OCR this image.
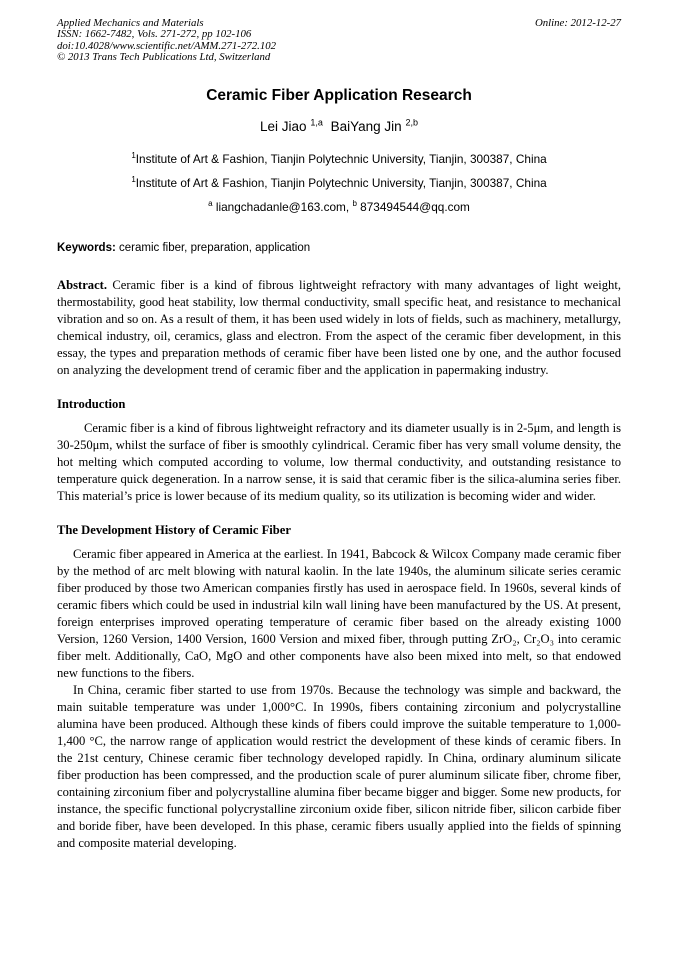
Applied Mechanics and Materials
ISSN: 1662-7482, Vols. 271-272, pp 102-106
doi:10.4028/www.scientific.net/AMM.271-272.102
© 2013 Trans Tech Publications Ltd, Switzerland
Online: 2012-12-27
Ceramic Fiber Application Research
Lei Jiao $^{1,a}$ BaiYang Jin $^{2,b}$
$^1$Institute of Art & Fashion, Tianjin Polytechnic University, Tianjin, 300387, China
$^1$Institute of Art & Fashion, Tianjin Polytechnic University, Tianjin, 300387, China
$^a$ liangchadanle@163.com, $^b$ 873494544@qq.com
Keywords: ceramic fiber, preparation, application

Abstract. Ceramic fiber is a kind of fibrous lightweight refractory with many advantages of light weight, thermostability, good heat stability, low thermal conductivity, small specific heat, and resistance to mechanical vibration and so on. As a result of them, it has been used widely in lots of fields, such as machinery, metallurgy, chemical industry, oil, ceramics, glass and electron. From the aspect of the ceramic fiber development, in this essay, the types and preparation methods of ceramic fiber have been listed one by one, and the author focused on analyzing the development trend of ceramic fiber and the application in papermaking industry.

Introduction

Ceramic fiber is a kind of fibrous lightweight refractory and its diameter usually is in 2-5μm, and length is 30-250μm, whilst the surface of fiber is smoothly cylindrical. Ceramic fiber has very small volume density, the hot melting which computed according to volume, low thermal conductivity, and outstanding resistance to temperature quick degeneration. In a narrow sense, it is said that ceramic fiber is the silica-alumina series fiber. This material’s price is lower because of its medium quality, so its utilization is becoming wider and wider.

The Development History of Ceramic Fiber

Ceramic fiber appeared in America at the earliest. In 1941, Babcock & Wilcox Company made ceramic fiber by the method of arc melt blowing with natural kaolin. In the late 1940s, the aluminum silicate series ceramic fiber produced by those two American companies firstly has used in aerospace field. In 1960s, several kinds of ceramic fibers which could be used in industrial kiln wall lining have been manufactured by the US. At present, foreign enterprises improved operating temperature of ceramic fiber based on the already existing 1000 Version, 1260 Version, 1400 Version, 1600 Version and mixed fiber, through putting ZrO₂, Cr₂O₃ into ceramic fiber melt. Additionally, CaO, MgO and other components have also been mixed into melt, so that endowed new functions to the fibers.

In China, ceramic fiber started to use from 1970s. Because the technology was simple and backward, the main suitable temperature was under 1,000°C. In 1990s, fibers containing zirconium and polycrystalline alumina have been produced. Although these kinds of fibers could improve the suitable temperature to 1,000-1,400 °C, the narrow range of application would restrict the development of these kinds of ceramic fibers. In the 21st century, Chinese ceramic fiber technology developed rapidly. In China, ordinary aluminum silicate fiber production has been compressed, and the production scale of purer aluminum silicate fiber, chrome fiber, containing zirconium fiber and polycrystalline alumina fiber became bigger and bigger. Some new products, for instance, the specific functional polycrystalline zirconium oxide fiber, silicon nitride fiber, silicon carbide fiber and boride fiber, have been developed. In this phase, ceramic fibers usually applied into the fields of spinning and composite material developing.
